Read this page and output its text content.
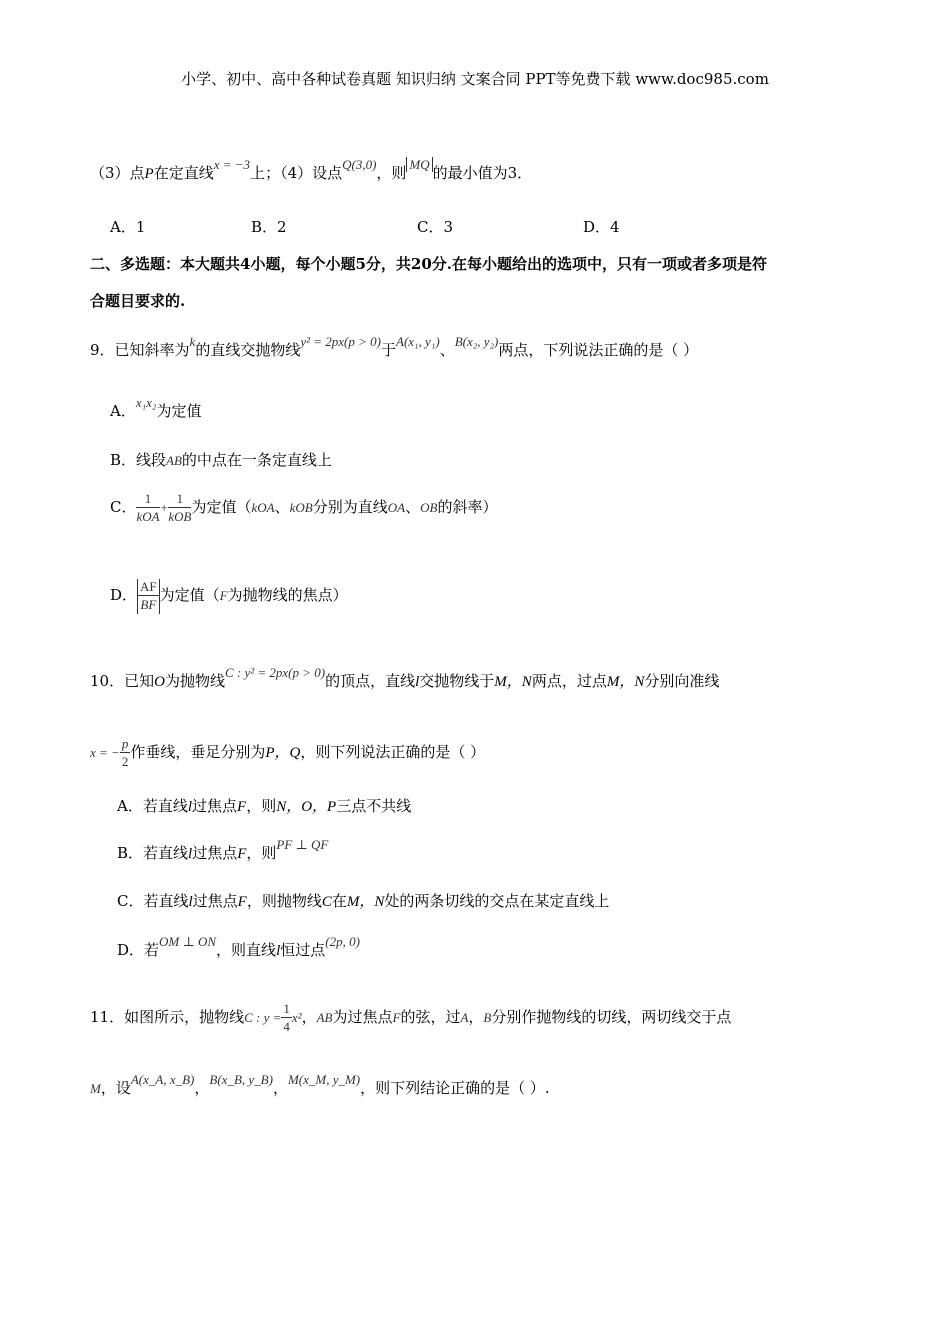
小学、初中、高中各种试卷真题 知识归纳 文案合同 PPT等免费下载 www.doc985.com
（3）点P在定直线x = −3上；（4）设点Q(3,0)，则 MQ 的最小值为3．
A．1	B．2	C．3	D．4
二、多选题：本大题共4小题，每个小题5分，共20分.在每小题给出的选项中，只有一项或者多项是符
合题目要求的.
9．已知斜率为k的直线交抛物线y² = 2px(p > 0)于A(x₁, y₁)、B(x₂, y₂)两点，下列说法正确的是（ ）
A．x₁x₂为定值
B．线段AB的中点在一条定直线上
C． $\frac{1}{\text{kOA}} + \frac{1}{\text{kOB}}$ 为定值（kOA、kOB分别为直线OA、OB的斜率）
D． $\frac{AF}{BF}$ 为定值（F为抛物线的焦点）
10．已知O为抛物线C : y² = 2px(p > 0)的顶点，直线l交抛物线于M，N两点，过点M，N分别向准线
x = − $\frac{p}{2}$ 作垂线，垂足分别为P，Q，则下列说法正确的是（ ）
A．若直线l过焦点F，则N，O，P三点不共线
B．若直线l过焦点F，则PF ⊥ QF
C．若直线l过焦点F，则抛物线C在M，N处的两条切线的交点在某定直线上
D．若OM ⊥ ON，则直线l恒过点(2p, 0)
11．如图所示，抛物线C : $y = \frac{1}{4} x^2$，AB为过焦点F的弦，过A，B分别作抛物线的切线，两切线交于点
M，设A(x_A, x_B)，B(x_B, y_B)，M(x_M, y_M)，则下列结论正确的是（ ）.
